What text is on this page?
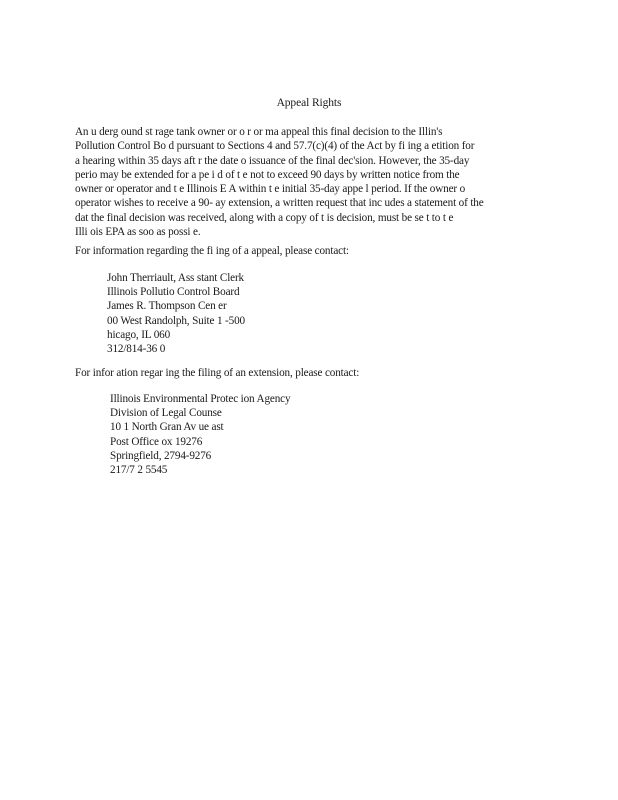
Appeal Rights
An u derg ound st rage tank owner or o r or ma appeal this final decision to the Illin's
Pollution Control Bo d pursuant to Sections 4 and 57.7(c)(4) of the Act by fi ing a etition for
a hearing within 35 days aft r the date o issuance of the final dec'sion. However, the 35-day
perio may be extended for a pe i d of t e not to exceed 90 days by written notice from the
owner or operator and t e Illinois E A within t e initial 35-day appe l period. If the owner o
operator wishes to receive a 90- ay extension, a written request that inc udes a statement of the
dat the final decision was received, along with a copy of t is decision, must be se t to t e
Illi ois EPA as soo as possi e.
For information regarding the fi ing of a appeal, please contact:
John Therriault, Ass stant Clerk
Illinois Pollutio Control Board
James R. Thompson Cen er
00 West Randolph, Suite 1 -500
hicago, IL 060
312/814-36 0
For infor ation regar ing the filing of an extension, please contact:
Illinois Environmental Protec ion Agency
Division of Legal Counse
10 1 North Gran Av ue ast
Post Office ox 19276
Springfield, 2794-9276
217/7 2 5545
